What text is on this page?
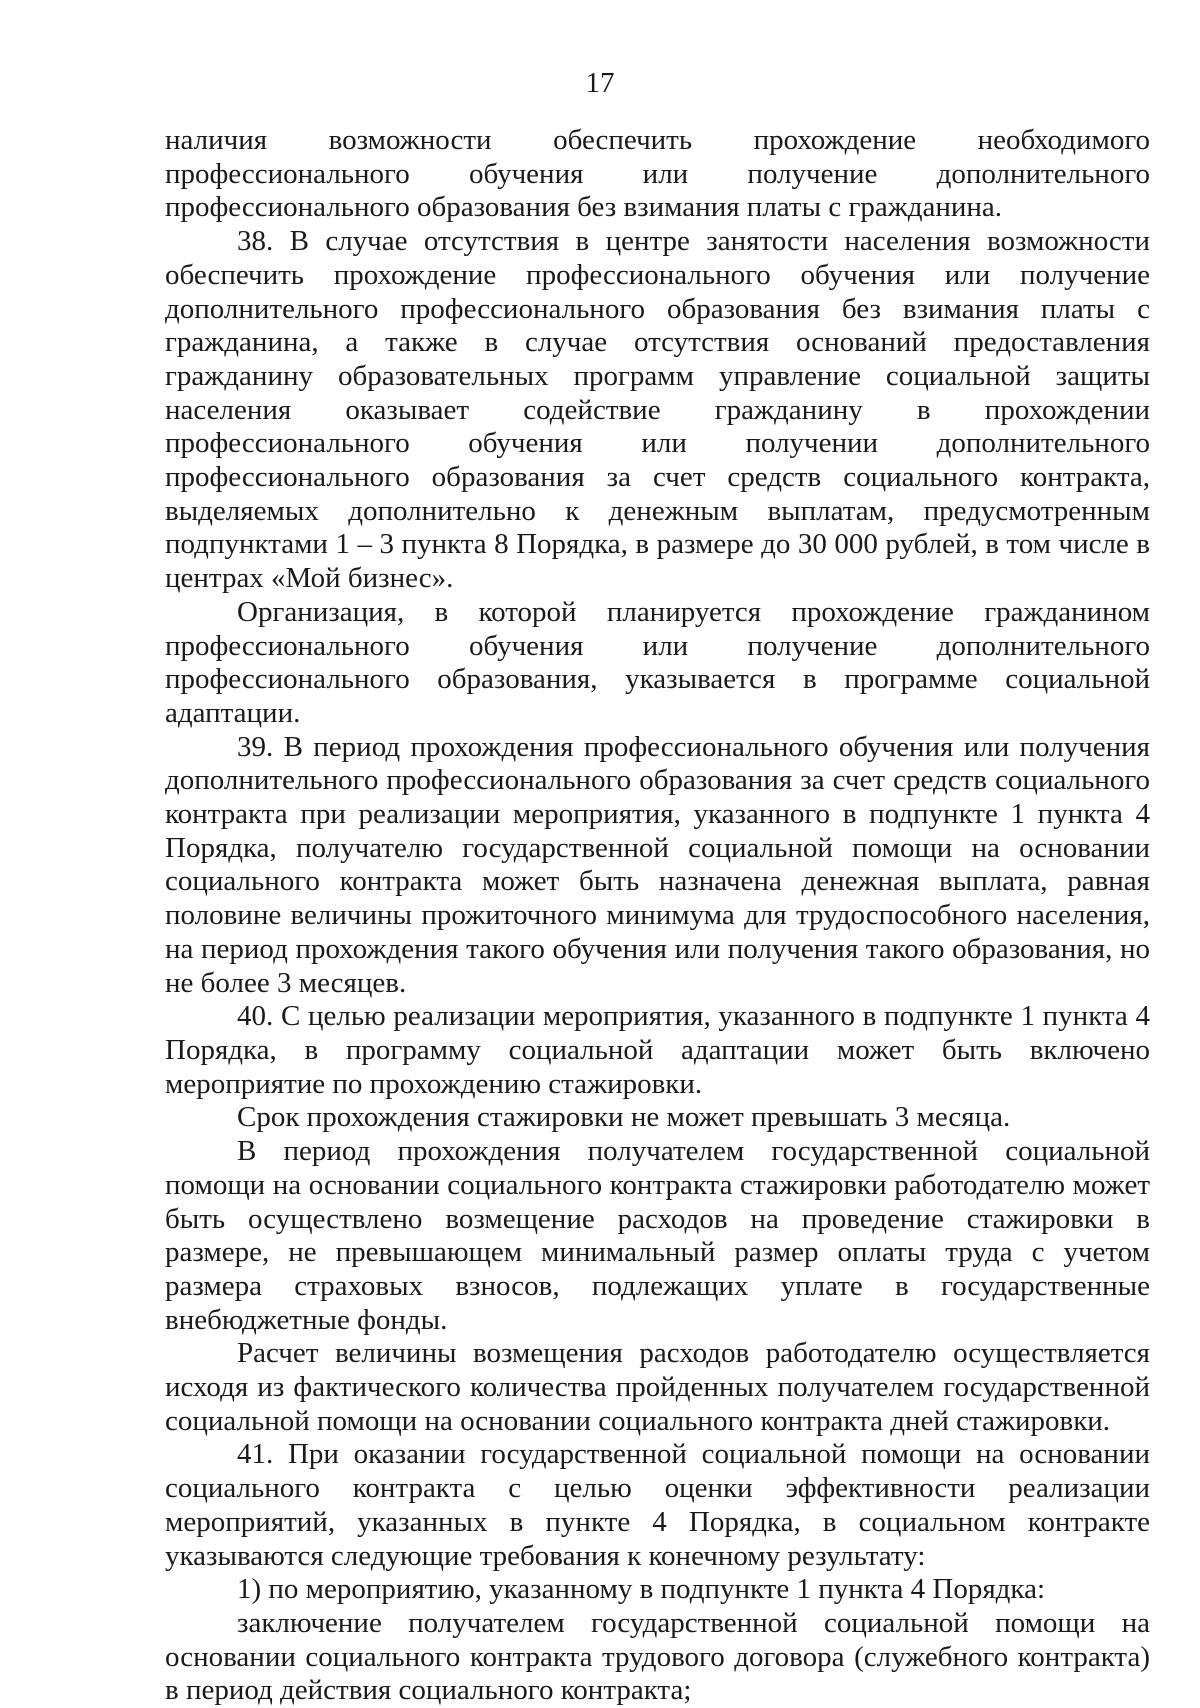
17

наличия возможности обеспечить прохождение необходимого профессионального обучения или получение дополнительного профессионального образования без взимания платы с гражданина.

38. В случае отсутствия в центре занятости населения возможности обеспечить прохождение профессионального обучения или получение дополнительного профессионального образования без взимания платы с гражданина, а также в случае отсутствия оснований предоставления гражданину образовательных программ управление социальной защиты населения оказывает содействие гражданину в прохождении профессионального обучения или получении дополнительного профессионального образования за счет средств социального контракта, выделяемых дополнительно к денежным выплатам, предусмотренным подпунктами 1 – 3 пункта 8 Порядка, в размере до 30 000 рублей, в том числе в центрах «Мой бизнес».

Организация, в которой планируется прохождение гражданином профессионального обучения или получение дополнительного профессионального образования, указывается в программе социальной адаптации.

39. В период прохождения профессионального обучения или получения дополнительного профессионального образования за счет средств социального контракта при реализации мероприятия, указанного в подпункте 1 пункта 4 Порядка, получателю государственной социальной помощи на основании социального контракта может быть назначена денежная выплата, равная половине величины прожиточного минимума для трудоспособного населения, на период прохождения такого обучения или получения такого образования, но не более 3 месяцев.

40. С целью реализации мероприятия, указанного в подпункте 1 пункта 4 Порядка, в программу социальной адаптации может быть включено мероприятие по прохождению стажировки.

Срок прохождения стажировки не может превышать 3 месяца.

В период прохождения получателем государственной социальной помощи на основании социального контракта стажировки работодателю может быть осуществлено возмещение расходов на проведение стажировки в размере, не превышающем минимальный размер оплаты труда с учетом размера страховых взносов, подлежащих уплате в государственные внебюджетные фонды.

Расчет величины возмещения расходов работодателю осуществляется исходя из фактического количества пройденных получателем государственной социальной помощи на основании социального контракта дней стажировки.

41. При оказании государственной социальной помощи на основании социального контракта с целью оценки эффективности реализации мероприятий, указанных в пункте 4 Порядка, в социальном контракте указываются следующие требования к конечному результату:

1) по мероприятию, указанному в подпункте 1 пункта 4 Порядка:

заключение получателем государственной социальной помощи на основании социального контракта трудового договора (служебного контракта) в период действия социального контракта;
